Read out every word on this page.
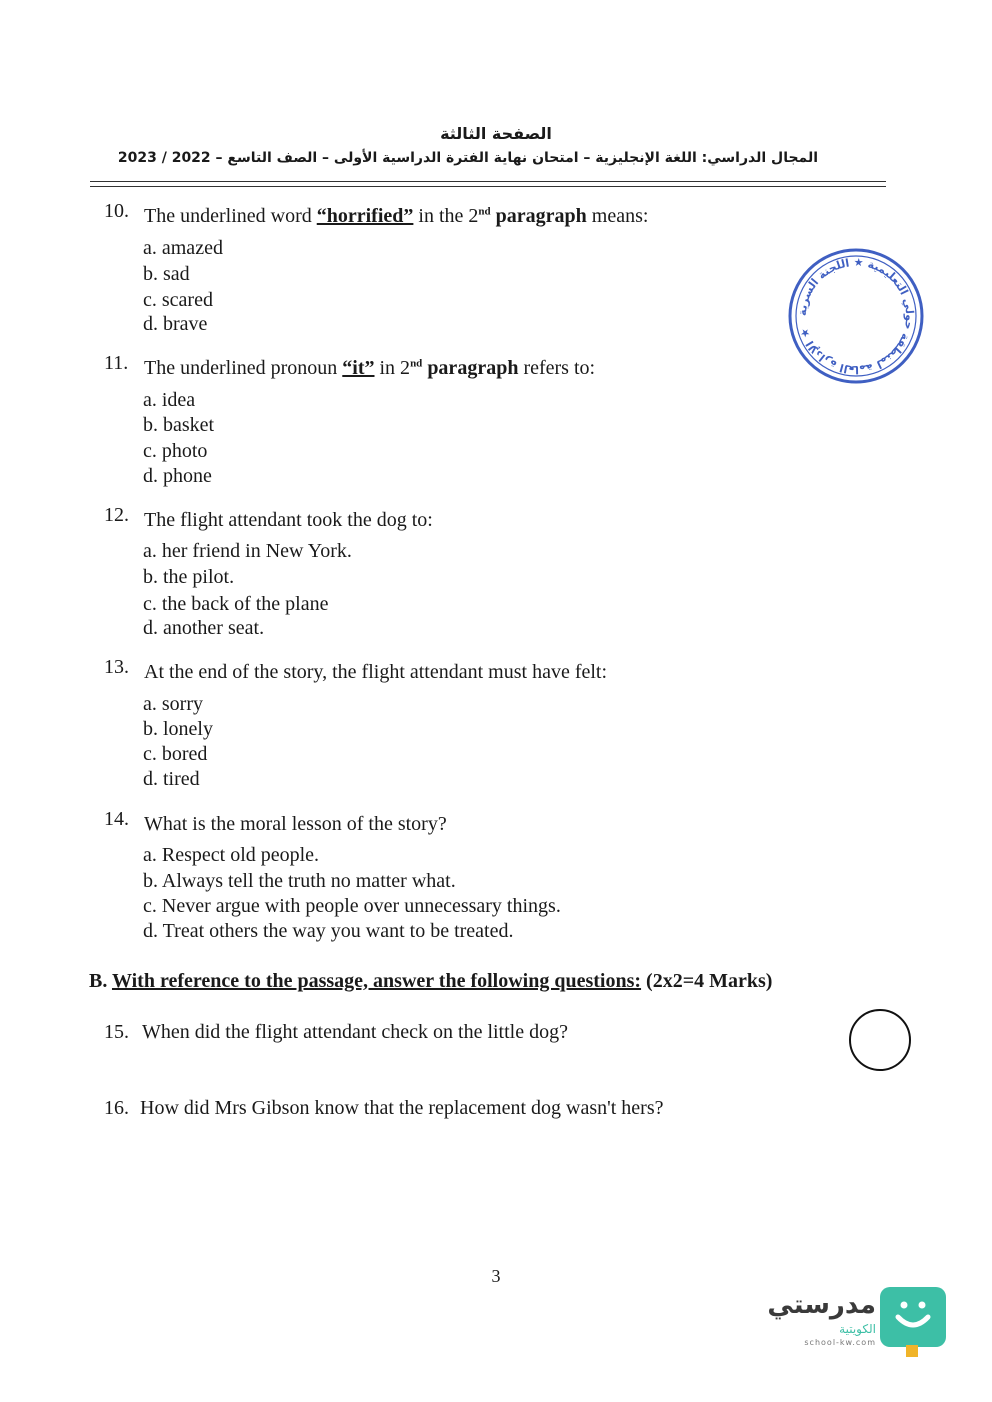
الصفحة الثالثة
المجال الدراسي: اللغة الإنجليزية – امتحان نهاية الفترة الدراسية الأولى – الصف التاسع – 2022 / 2023
الإدارة العامة لمنطقة حولي التعليمية ★ اللجنة السرية ★
10. The underlined word “horrified” in the 2nd paragraph means:
a. amazed
b. sad
c. scared
d. brave
11. The underlined pronoun “it” in 2nd paragraph refers to:
a. idea
b. basket
c. photo
d. phone
12. The flight attendant took the dog to:
a. her friend in New York.
b. the pilot.
c. the back of the plane
d. another seat.
13. At the end of the story, the flight attendant must have felt:
a. sorry
b. lonely
c. bored
d. tired
14. What is the moral lesson of the story?
a. Respect old people.
b. Always tell the truth no matter what.
c. Never argue with people over unnecessary things.
d. Treat others the way you want to be treated.
B. With reference to the passage, answer the following questions: (2x2=4 Marks)
15. When did the flight attendant check on the little dog?
16. How did Mrs Gibson know that the replacement dog wasn't hers?
3
مدرستي
الكويتية
school-kw.com
